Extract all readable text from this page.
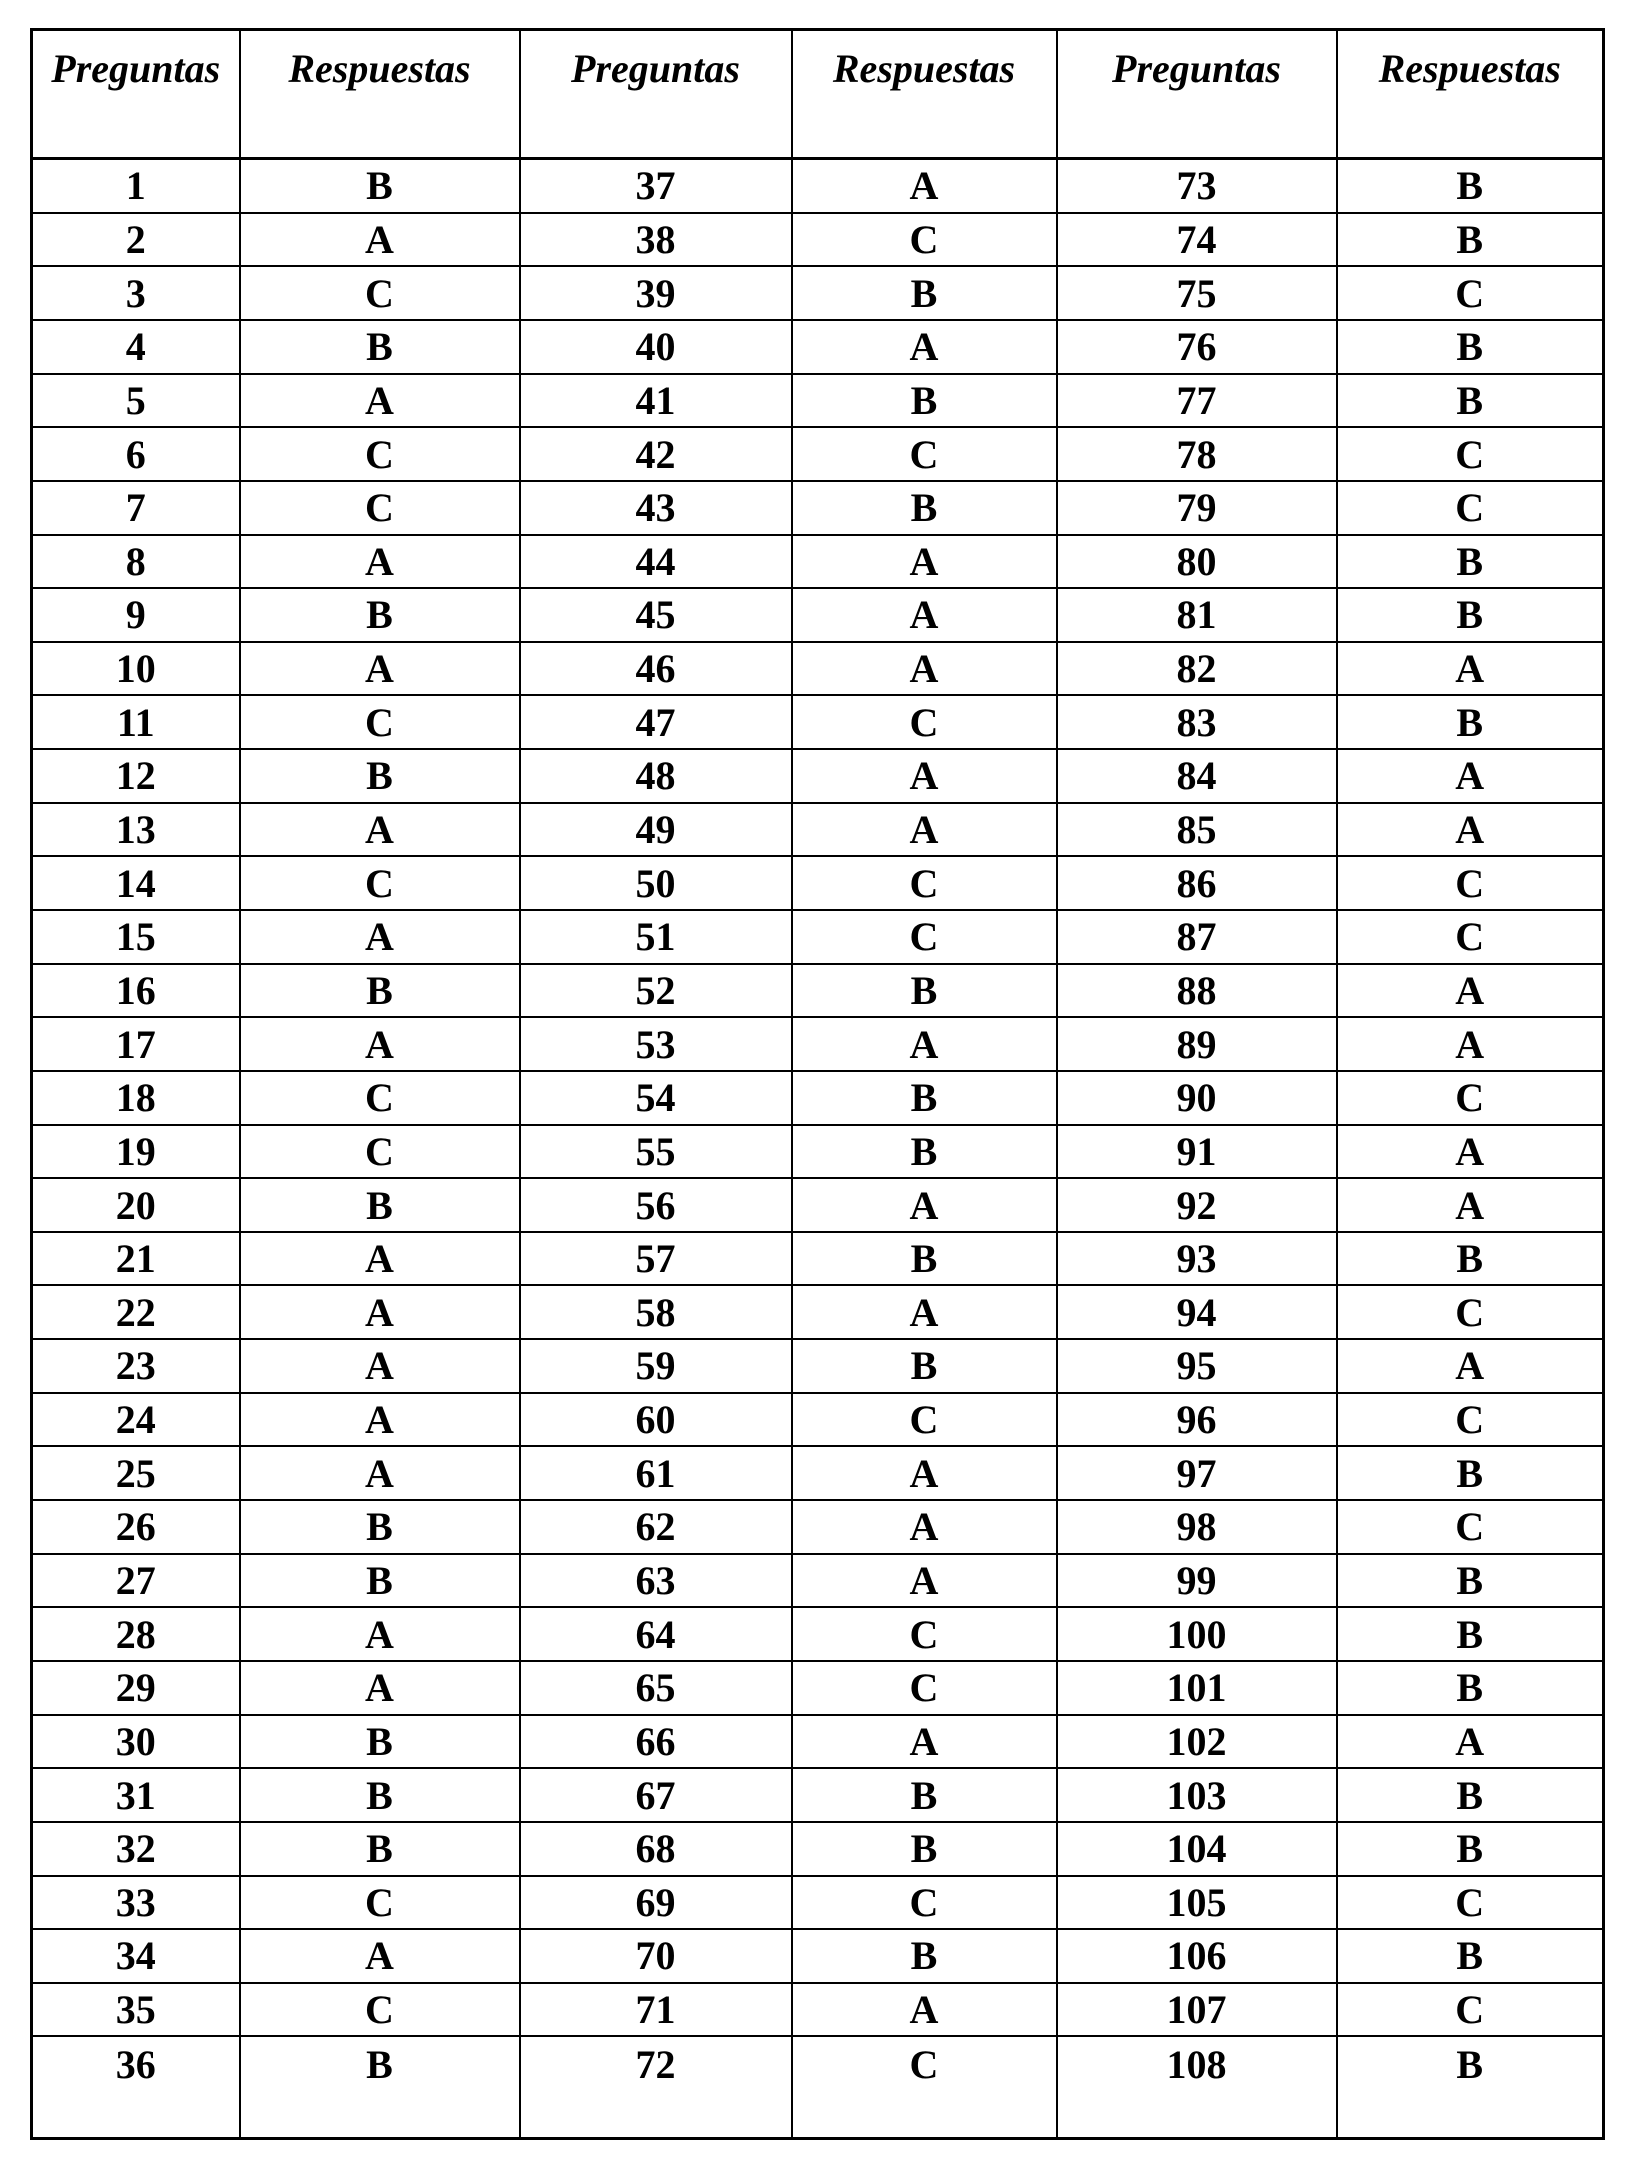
Preguntas	Respuestas	Preguntas	Respuestas	Preguntas	Respuestas
1	B	37	A	73	B
2	A	38	C	74	B
3	C	39	B	75	C
4	B	40	A	76	B
5	A	41	B	77	B
6	C	42	C	78	C
7	C	43	B	79	C
8	A	44	A	80	B
9	B	45	A	81	B
10	A	46	A	82	A
11	C	47	C	83	B
12	B	48	A	84	A
13	A	49	A	85	A
14	C	50	C	86	C
15	A	51	C	87	C
16	B	52	B	88	A
17	A	53	A	89	A
18	C	54	B	90	C
19	C	55	B	91	A
20	B	56	A	92	A
21	A	57	B	93	B
22	A	58	A	94	C
23	A	59	B	95	A
24	A	60	C	96	C
25	A	61	A	97	B
26	B	62	A	98	C
27	B	63	A	99	B
28	A	64	C	100	B
29	A	65	C	101	B
30	B	66	A	102	A
31	B	67	B	103	B
32	B	68	B	104	B
33	C	69	C	105	C
34	A	70	B	106	B
35	C	71	A	107	C
36	B	72	C	108	B
